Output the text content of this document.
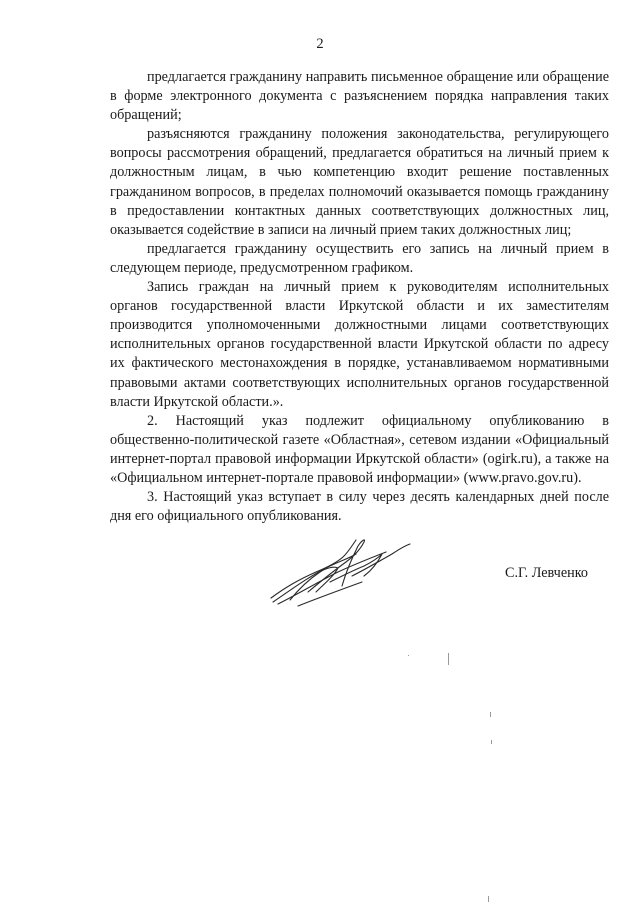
2

предлагается гражданину направить письменное обращение или обращение в форме электронного документа с разъяснением порядка направления таких обращений;

разъясняются гражданину положения законодательства, регулирующего вопросы рассмотрения обращений, предлагается обратиться на личный прием к должностным лицам, в чью компетенцию входит решение поставленных гражданином вопросов, в пределах полномочий оказывается помощь гражданину в предоставлении контактных данных соответствующих должностных лиц, оказывается содействие в записи на личный прием таких должностных лиц;

предлагается гражданину осуществить его запись на личный прием в следующем периоде, предусмотренном графиком.

Запись граждан на личный прием к руководителям исполнительных органов государственной власти Иркутской области и их заместителям производится уполномоченными должностными лицами соответствующих исполнительных органов государственной власти Иркутской области по адресу их фактического местонахождения в порядке, устанавливаемом нормативными правовыми актами соответствующих исполнительных органов государственной власти Иркутской области.».

2. Настоящий указ подлежит официальному опубликованию в общественно-политической газете «Областная», сетевом издании «Официальный интернет-портал правовой информации Иркутской области» (ogirk.ru), а также на «Официальном интернет-портале правовой информации» (www.pravo.gov.ru).

3. Настоящий указ вступает в силу через десять календарных дней после дня его официального опубликования.

С.Г. Левченко
